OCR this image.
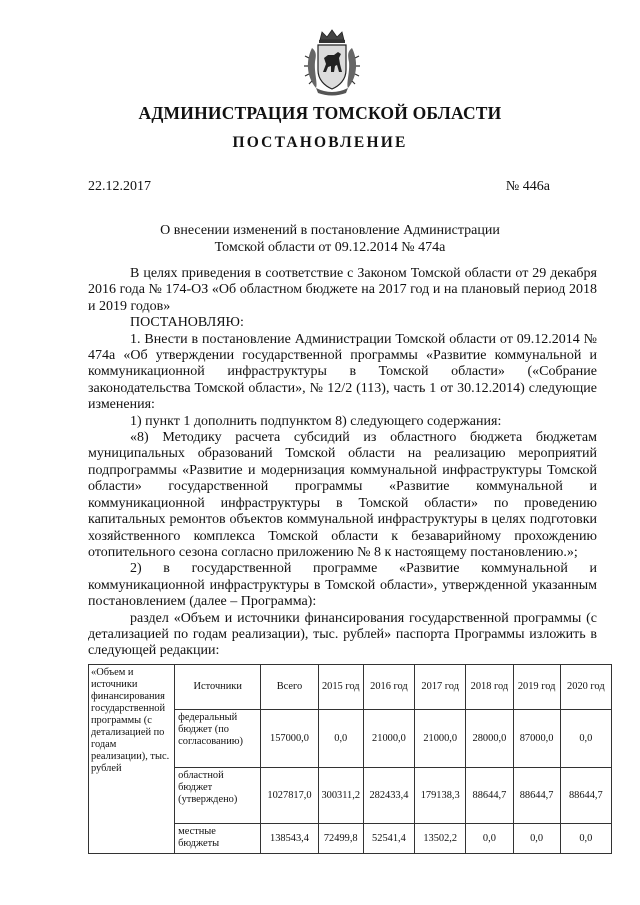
АДМИНИСТРАЦИЯ ТОМСКОЙ ОБЛАСТИ
ПОСТАНОВЛЕНИЕ
22.12.2017	№ 446а
О внесении изменений в постановление Администрации
Томской области от 09.12.2014 № 474а

В целях приведения в соответствие с Законом Томской области от 29 декабря 2016 года № 174-ОЗ «Об областном бюджете на 2017 год и на плановый период 2018 и 2019 годов»

ПОСТАНОВЛЯЮ:

1. Внести в постановление Администрации Томской области от 09.12.2014 № 474а «Об утверждении государственной программы «Развитие коммунальной и коммуникационной инфраструктуры в Томской области» («Собрание законодательства Томской области», № 12/2 (113), часть 1 от 30.12.2014) следующие изменения:

1) пункт 1 дополнить подпунктом 8) следующего содержания:

«8) Методику расчета субсидий из областного бюджета бюджетам муниципальных образований Томской области на реализацию мероприятий подпрограммы «Развитие и модернизация коммунальной инфраструктуры Томской области» государственной программы «Развитие коммунальной и коммуникационной инфраструктуры в Томской области» по проведению капитальных ремонтов объектов коммунальной инфраструктуры в целях подготовки хозяйственного комплекса Томской области к безаварийному прохождению отопительного сезона согласно приложению № 8 к настоящему постановлению.»;

2) в государственной программе «Развитие коммунальной и коммуникационной инфраструктуры в Томской области», утвержденной указанным постановлением (далее – Программа):

раздел «Объем и источники финансирования государственной программы (с детализацией по годам реализации), тыс. рублей» паспорта Программы изложить в следующей редакции:

«Объем и источники финансирования государственной программы (с детализацией по годам реализации), тыс. рублей	Источники	Всего	2015 год	2016 год	2017 год	2018 год	2019 год	2020 год
	федеральный бюджет (по согласованию)	157000,0	0,0	21000,0	21000,0	28000,0	87000,0	0,0
	областной бюджет (утверждено)	1027817,0	300311,2	282433,4	179138,3	88644,7	88644,7	88644,7
	местные бюджеты	138543,4	72499,8	52541,4	13502,2	0,0	0,0	0,0
